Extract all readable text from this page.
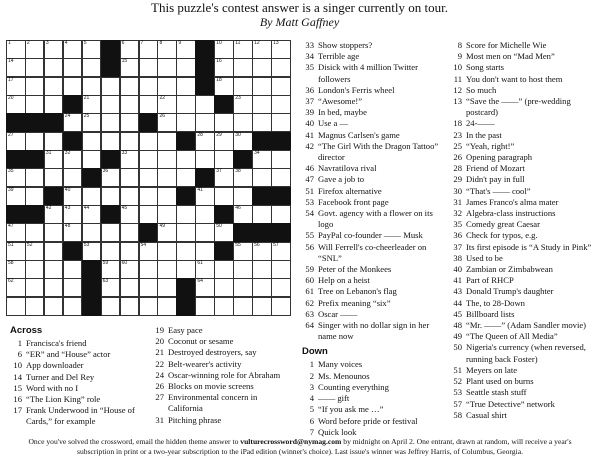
This puzzle's contest answer is a singer currently on tour.
By Matt Gaffney
1	2	3	4	5	6	7	8	9	10	11	12	13
14	15	16
17	18
20	21	22	23
24	25	26
27	28	29	30
31	32	33	34
35	36	37	38
39	40	41
42	43	44	45	46
47	48	49	50
51	52	53	54	55	56	57
58	59	60	61
62	63	64
Across
1 Francisca's friend
6 “ER” and “House” actor
10 App downloader
14 Turner and Del Rey
15 Word with no I
16 “The Lion King” role
17 Frank Underwood in “House of Cards,” for example
19 Easy pace
20 Coconut or sesame
21 Destroyed destroyers, say
22 Belt-wearer's activity
24 Oscar-winning role for Abraham
26 Blocks on movie screens
27 Environmental concern in California
31 Pitching phrase
33 Show stoppers?
34 Terrible age
35 Disick with 4 million Twitter followers
36 London's Ferris wheel
37 “Awesome!”
39 In bed, maybe
40 Use a —
41 Magnus Carlsen's game
42 “The Girl With the Dragon Tattoo” director
46 Navratilova rival
47 Gave a job to
51 Firefox alternative
53 Facebook front page
54 Govt. agency with a flower on its logo
55 PayPal co-founder —— Musk
56 Will Ferrell's co-cheerleader on “SNL”
59 Peter of the Monkees
60 Help on a heist
61 Tree on Lebanon's flag
62 Prefix meaning “six”
63 Oscar ——
64 Singer with no dollar sign in her name now
Down
1 Many voices
2 Ms. Menounos
3 Counting everything
4 —— gift
5 “If you ask me …”
6 Word before pride or festival
7 Quick look
8 Score for Michelle Wie
9 Most men on “Mad Men”
10 Song starts
11 You don't want to host them
12 So much
13 “Save the ——” (pre-wedding postcard)
18 24-——
23 In the past
25 “Yeah, right!”
26 Opening paragraph
28 Friend of Mozart
29 Didn't pay in full
30 “That's —— cool”
31 James Franco's alma mater
32 Algebra-class instructions
35 Comedy great Caesar
36 Check for typos, e.g.
37 Its first episode is “A Study in Pink”
38 Used to be
40 Zambian or Zimbabwean
41 Part of RHCP
43 Donald Trump's daughter
44 The, to 28-Down
45 Billboard lists
48 “Mr. ——” (Adam Sandler movie)
49 “The Queen of All Media”
50 Nigeria's currency (when reversed, running back Foster)
51 Meyers on late
52 Plant used on burns
53 Seattle stash stuff
57 “True Detective” network
58 Casual shirt
Once you've solved the crossword, email the hidden theme answer to vulturecrossword@nymag.com by midnight on April 2. One entrant, drawn at random, will receive a year's subscription in print or a two-year subscription to the iPad edition (winner's choice). Last issue's winner was Jeffrey Harris, of Columbus, Georgia.
